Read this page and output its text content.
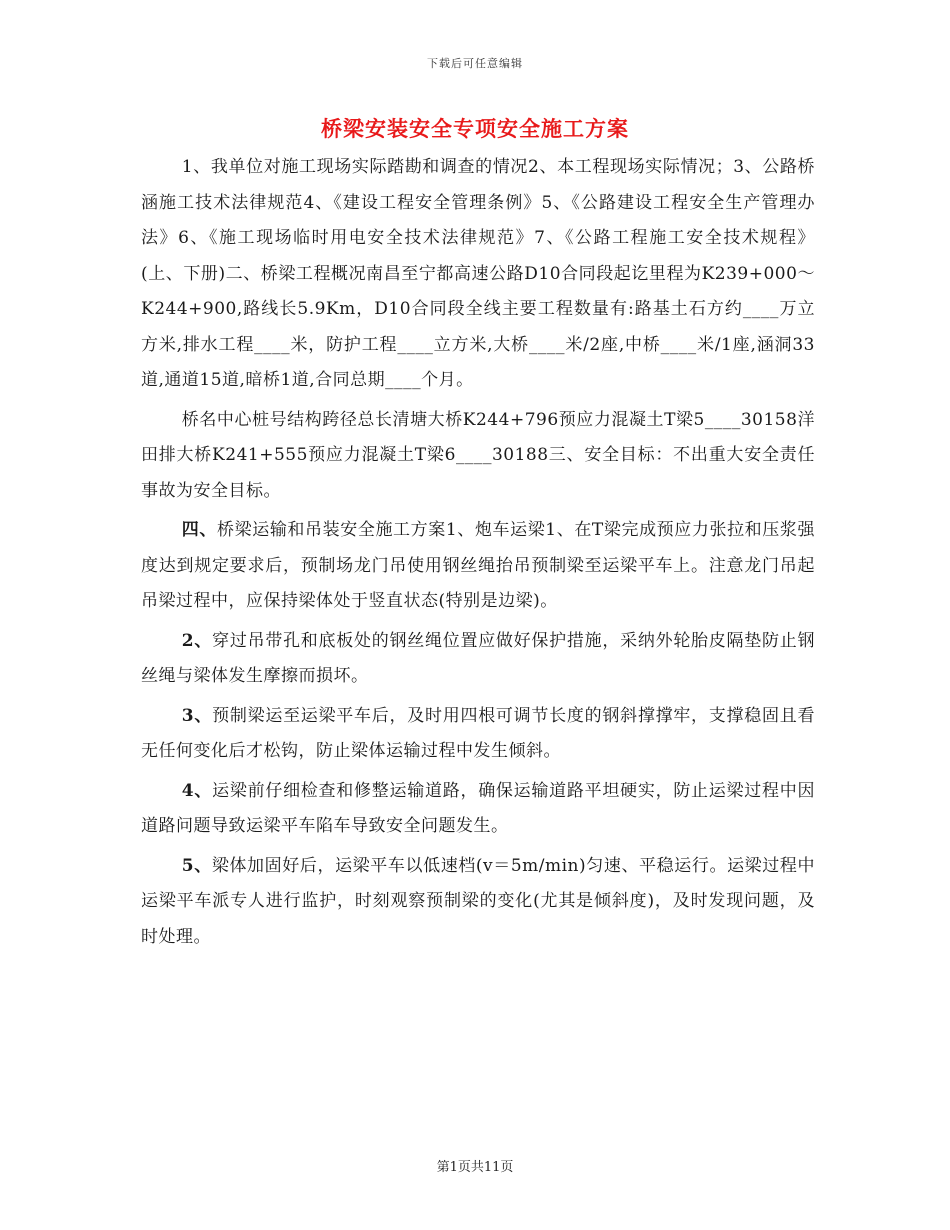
下载后可任意编辑
桥梁安装安全专项安全施工方案

1、我单位对施工现场实际踏勘和调查的情况2、本工程现场实际情况；3、公路桥涵施工技术法律规范4、《建设工程安全管理条例》5、《公路建设工程安全生产管理办法》6、《施工现场临时用电安全技术法律规范》7、《公路工程施工安全技术规程》(上、下册)二、桥梁工程概况南昌至宁都高速公路D10合同段起讫里程为K239+000～K244+900,路线长5.9Km，D10合同段全线主要工程数量有:路基土石方约____万立方米,排水工程____米，防护工程____立方米,大桥____米/2座,中桥____米/1座,涵洞33道,通道15道,暗桥1道,合同总期____个月。

桥名中心桩号结构跨径总长清塘大桥K244+796预应力混凝土T梁5____30158洋田排大桥K241+555预应力混凝土T梁6____30188三、安全目标：不出重大安全责任事故为安全目标。

四、桥梁运输和吊装安全施工方案1、炮车运梁1、在T梁完成预应力张拉和压浆强度达到规定要求后，预制场龙门吊使用钢丝绳抬吊预制梁至运梁平车上。注意龙门吊起吊梁过程中，应保持梁体处于竖直状态(特别是边梁)。

2、穿过吊带孔和底板处的钢丝绳位置应做好保护措施，采纳外轮胎皮隔垫防止钢丝绳与梁体发生摩擦而损坏。

3、预制梁运至运梁平车后，及时用四根可调节长度的钢斜撑撑牢，支撑稳固且看无任何变化后才松钩，防止梁体运输过程中发生倾斜。

4、运梁前仔细检查和修整运输道路，确保运输道路平坦硬实，防止运梁过程中因道路问题导致运梁平车陷车导致安全问题发生。

5、梁体加固好后，运梁平车以低速档(v＝5m/min)匀速、平稳运行。运梁过程中运梁平车派专人进行监护，时刻观察预制梁的变化(尤其是倾斜度)，及时发现问题，及时处理。

第1页共11页
